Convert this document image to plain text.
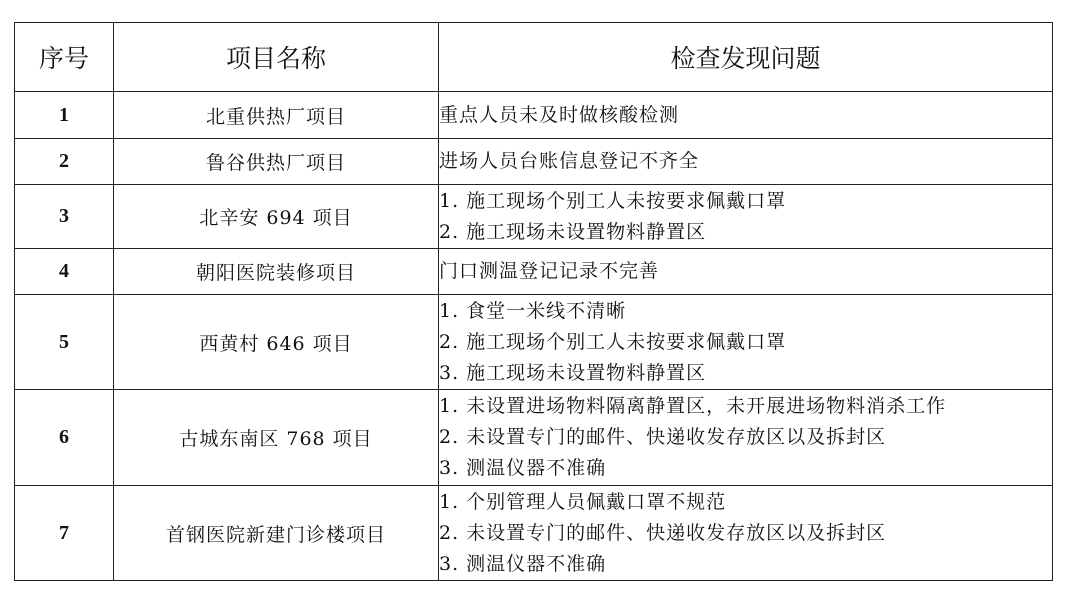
序号	项目名称	检查发现问题
1	北重供热厂项目	重点人员未及时做核酸检测

2	鲁谷供热厂项目	进场人员台账信息登记不齐全

3	北辛安 694 项目	1. 施工现场个别工人未按要求佩戴口罩
2. 施工现场未设置物料静置区

4	朝阳医院装修项目	门口测温登记记录不完善

5	西黄村 646 项目	1. 食堂一米线不清晰
2. 施工现场个别工人未按要求佩戴口罩
3. 施工现场未设置物料静置区

6	古城东南区 768 项目	1. 未设置进场物料隔离静置区，未开展进场物料消杀工作
2. 未设置专门的邮件、快递收发存放区以及拆封区
3. 测温仪器不准确

7	首钢医院新建门诊楼项目	1. 个别管理人员佩戴口罩不规范
2. 未设置专门的邮件、快递收发存放区以及拆封区
3. 测温仪器不准确
